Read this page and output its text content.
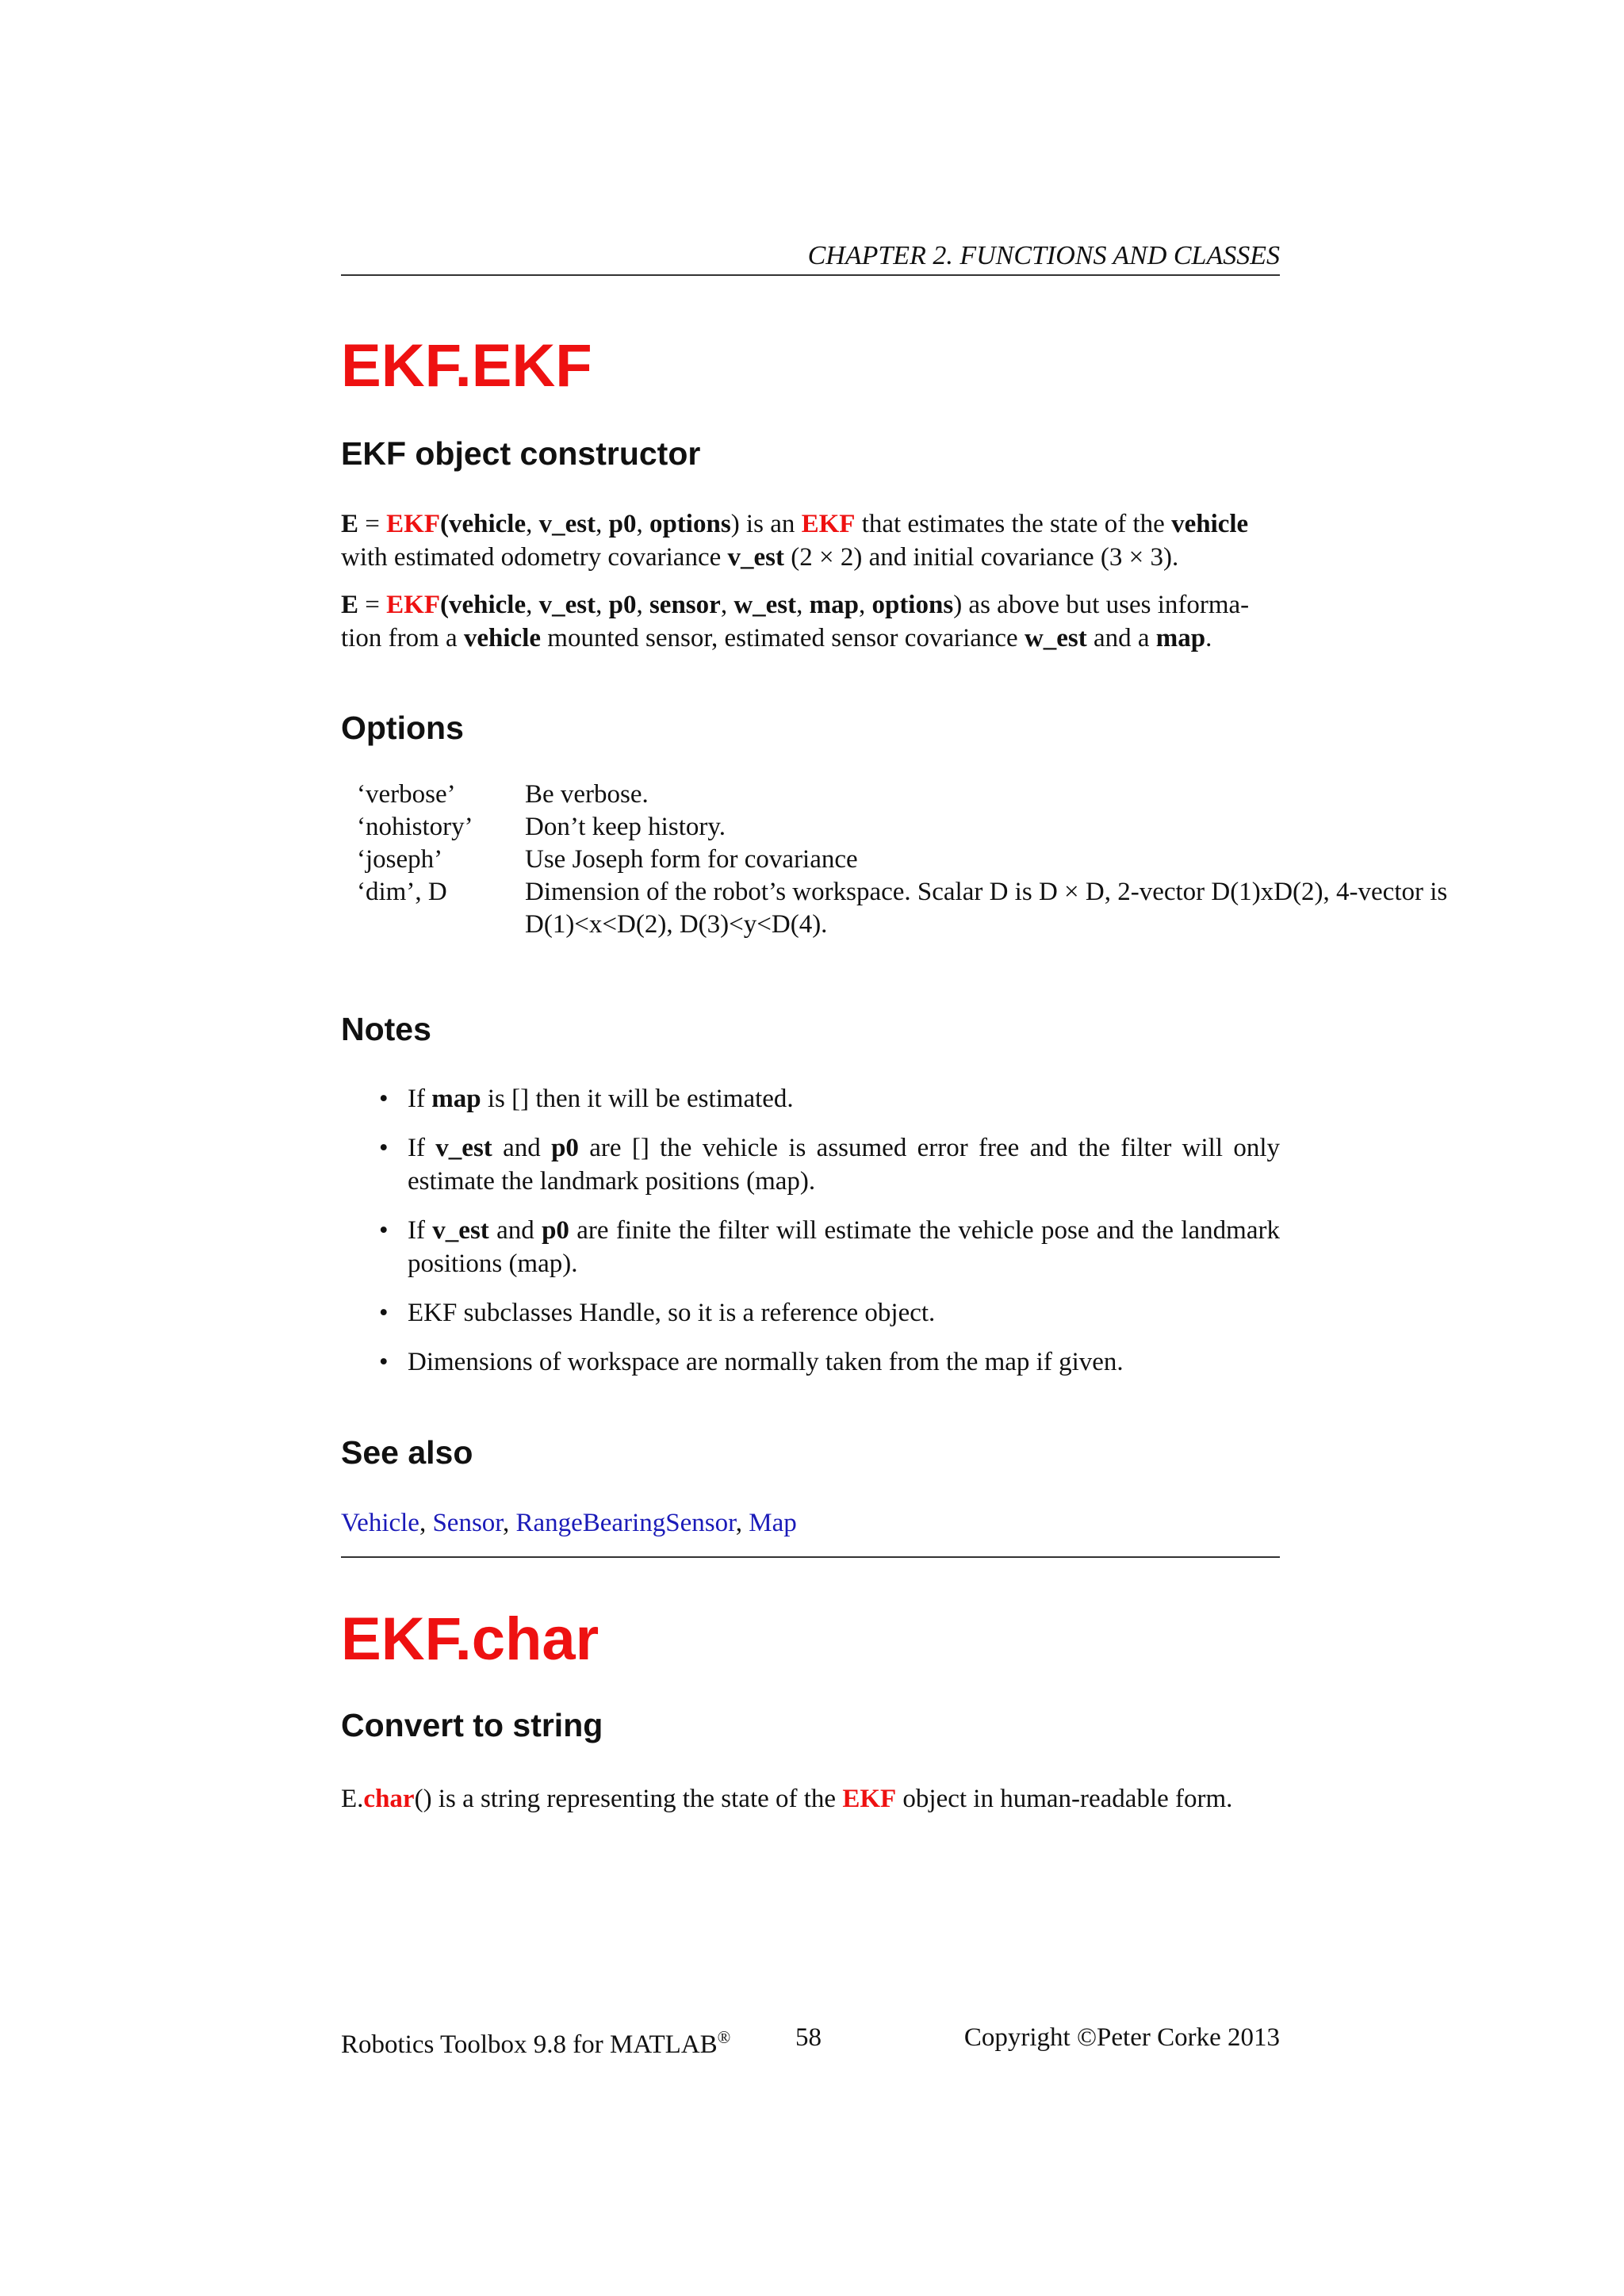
CHAPTER 2. FUNCTIONS AND CLASSES
EKF.EKF
EKF object constructor

E = EKF(vehicle, v_est, p0, options) is an EKF that estimates the state of the vehicle with estimated odometry covariance v_est (2 × 2) and initial covariance (3 × 3).

E = EKF(vehicle, v_est, p0, sensor, w_est, map, options) as above but uses informa-tion from a vehicle mounted sensor, estimated sensor covariance w_est and a map.

Options
‘verbose’	Be verbose.
‘nohistory’	Don’t keep history.
‘joseph’	Use Joseph form for covariance
‘dim’, D	Dimension of the robot’s workspace. Scalar D is D × D, 2-vector D(1)xD(2), 4-vector is D(1)<x<D(2), D(3)<y<D(4).
Notes
• If map is [] then it will be estimated.
• If v_est and p0 are [] the vehicle is assumed error free and the filter will only estimate the landmark positions (map).
• If v_est and p0 are finite the filter will estimate the vehicle pose and the landmark positions (map).
• EKF subclasses Handle, so it is a reference object.
• Dimensions of workspace are normally taken from the map if given.
See also
Vehicle, Sensor, RangeBearingSensor, Map
EKF.char
Convert to string

E.char() is a string representing the state of the EKF object in human-readable form.

Robotics Toolbox 9.8 for MATLAB® 58	Copyright ©Peter Corke 2013
